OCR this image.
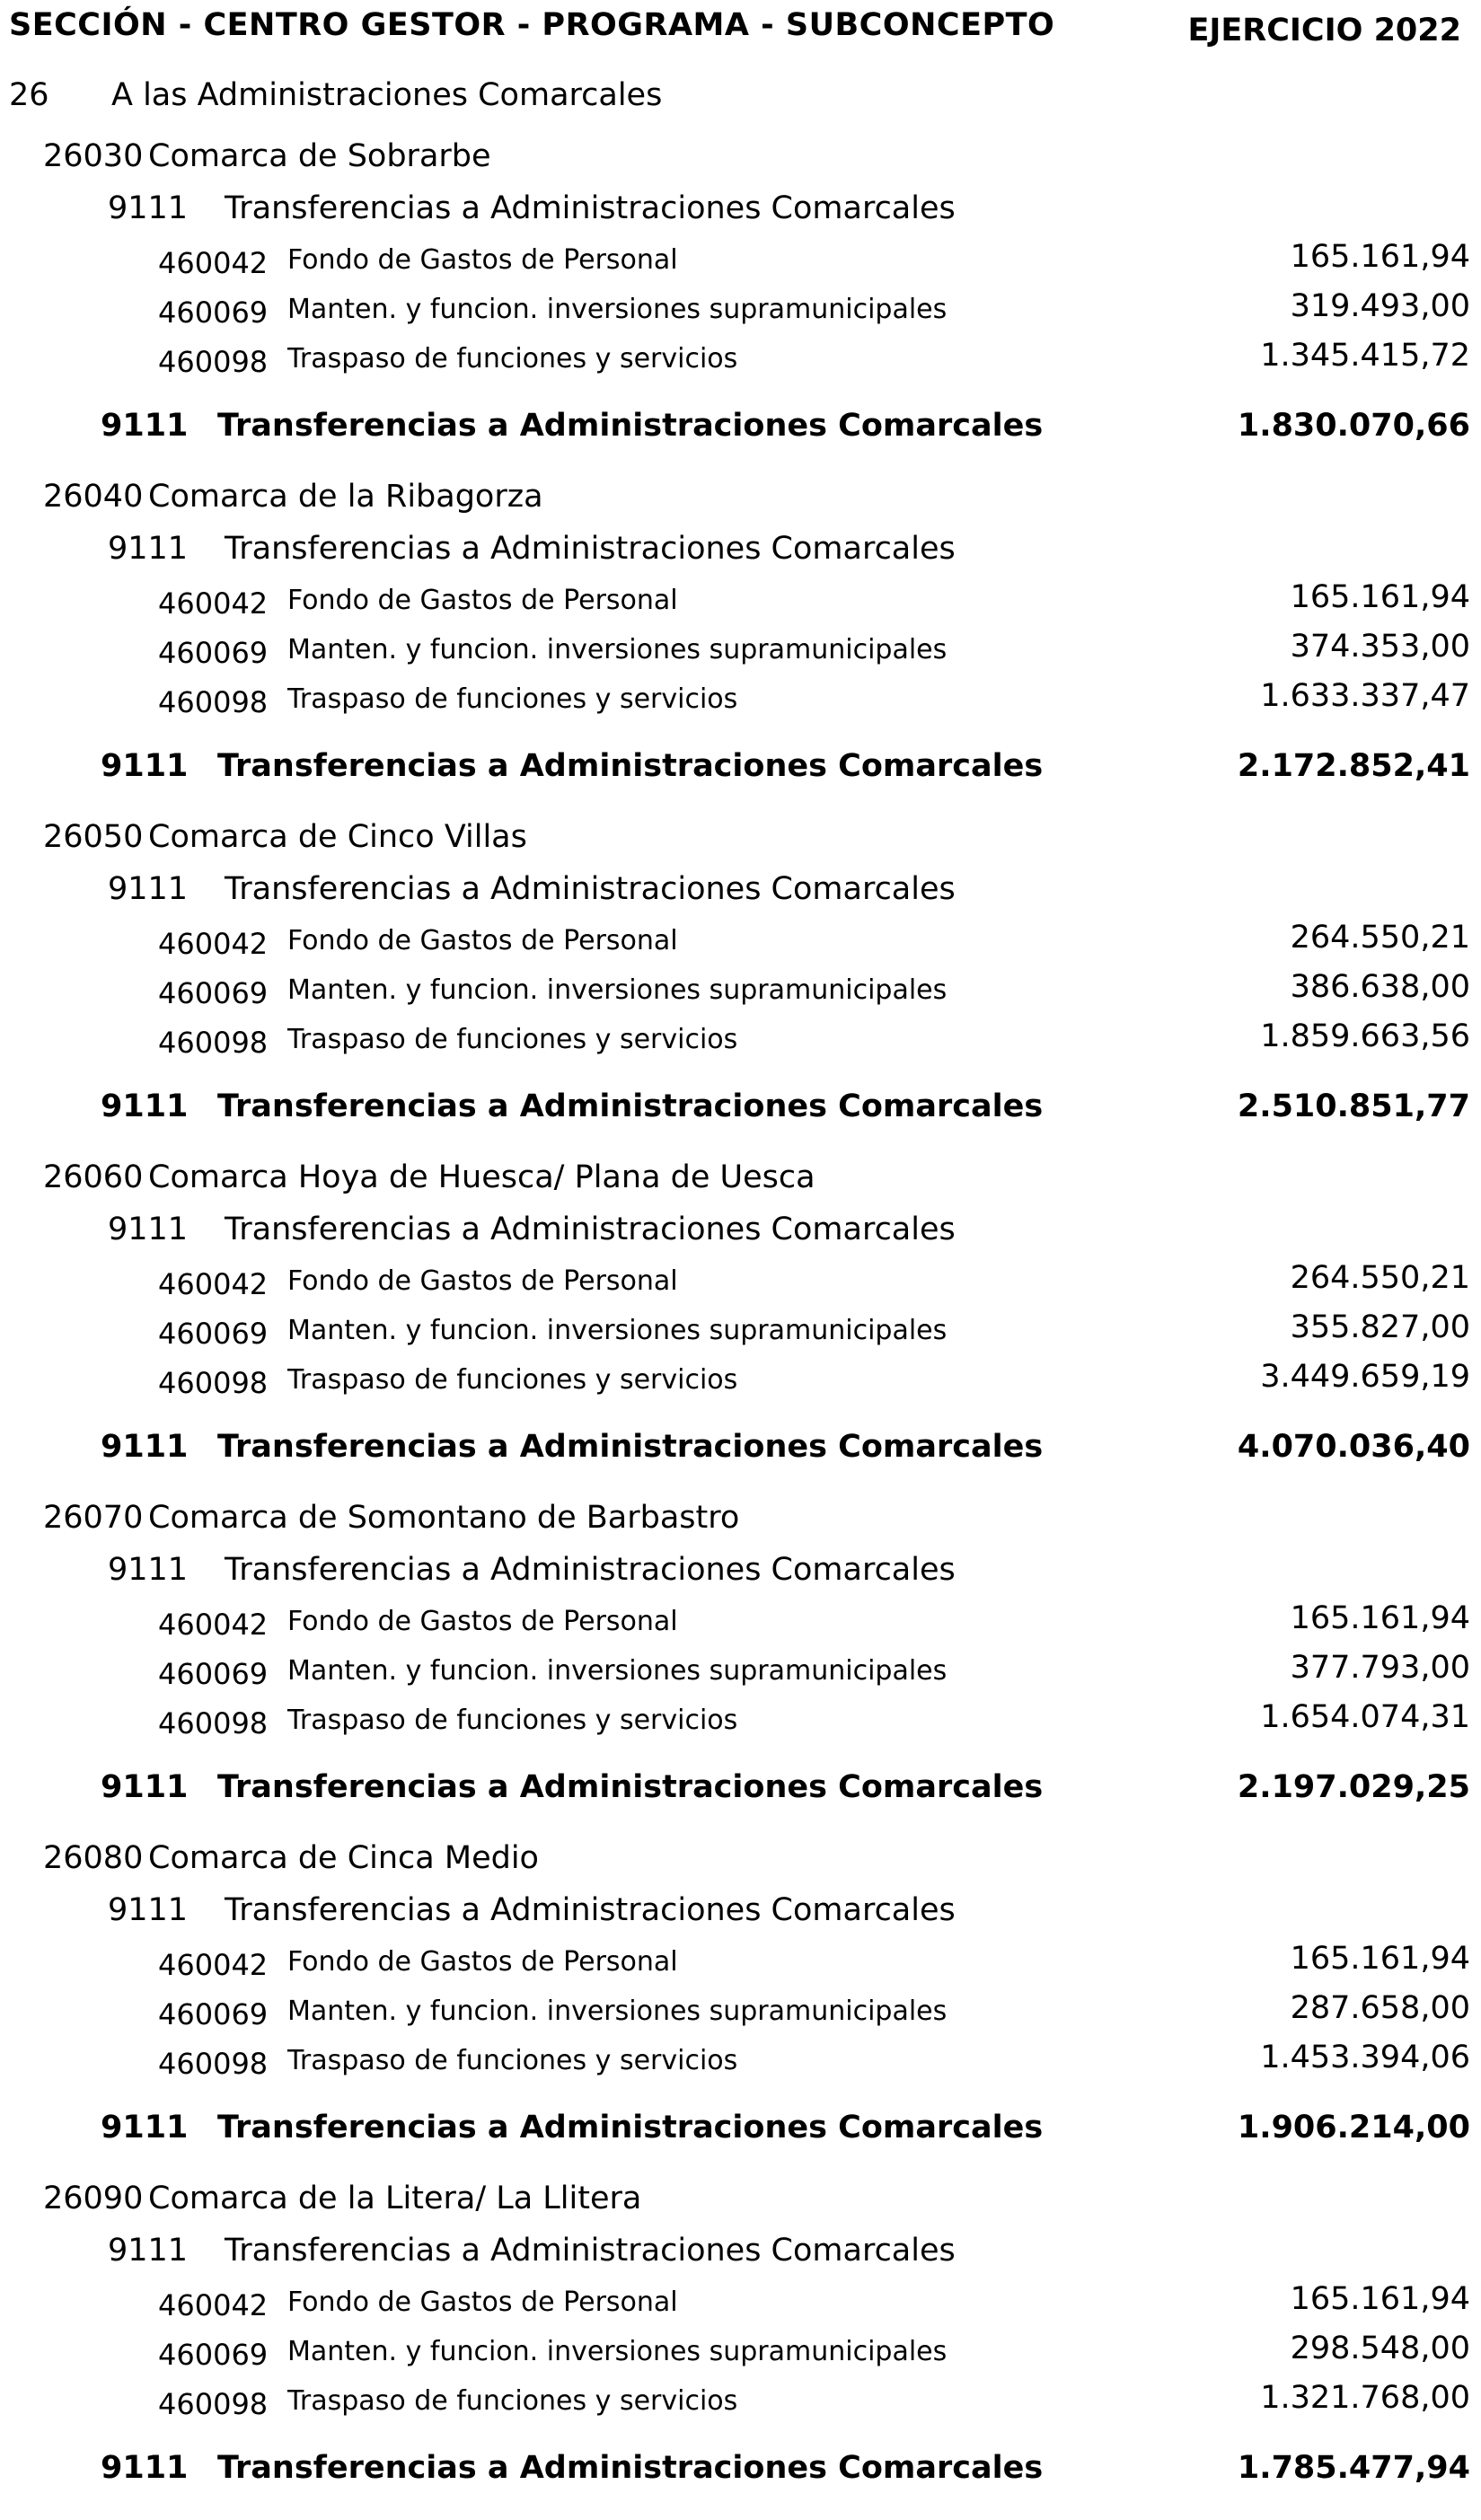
SECCIÓN - CENTRO GESTOR - PROGRAMA - SUBCONCEPTO	EJERCICIO 2022
26 A las Administraciones Comarcales
26030 Comarca de Sobrarbe
9111 Transferencias a Administraciones Comarcales
460042 Fondo de Gastos de Personal	165.161,94
460069 Manten. y funcion. inversiones supramunicipales	319.493,00
460098 Traspaso de funciones y servicios	1.345.415,72
9111 Transferencias a Administraciones Comarcales	1.830.070,66
26040 Comarca de la Ribagorza
9111 Transferencias a Administraciones Comarcales
460042 Fondo de Gastos de Personal	165.161,94
460069 Manten. y funcion. inversiones supramunicipales	374.353,00
460098 Traspaso de funciones y servicios	1.633.337,47
9111 Transferencias a Administraciones Comarcales	2.172.852,41
26050 Comarca de Cinco Villas
9111 Transferencias a Administraciones Comarcales
460042 Fondo de Gastos de Personal	264.550,21
460069 Manten. y funcion. inversiones supramunicipales	386.638,00
460098 Traspaso de funciones y servicios	1.859.663,56
9111 Transferencias a Administraciones Comarcales	2.510.851,77
26060 Comarca Hoya de Huesca/ Plana de Uesca
9111 Transferencias a Administraciones Comarcales
460042 Fondo de Gastos de Personal	264.550,21
460069 Manten. y funcion. inversiones supramunicipales	355.827,00
460098 Traspaso de funciones y servicios	3.449.659,19
9111 Transferencias a Administraciones Comarcales	4.070.036,40
26070 Comarca de Somontano de Barbastro
9111 Transferencias a Administraciones Comarcales
460042 Fondo de Gastos de Personal	165.161,94
460069 Manten. y funcion. inversiones supramunicipales	377.793,00
460098 Traspaso de funciones y servicios	1.654.074,31
9111 Transferencias a Administraciones Comarcales	2.197.029,25
26080 Comarca de Cinca Medio
9111 Transferencias a Administraciones Comarcales
460042 Fondo de Gastos de Personal	165.161,94
460069 Manten. y funcion. inversiones supramunicipales	287.658,00
460098 Traspaso de funciones y servicios	1.453.394,06
9111 Transferencias a Administraciones Comarcales	1.906.214,00
26090 Comarca de la Litera/ La Llitera
9111 Transferencias a Administraciones Comarcales
460042 Fondo de Gastos de Personal	165.161,94
460069 Manten. y funcion. inversiones supramunicipales	298.548,00
460098 Traspaso de funciones y servicios	1.321.768,00
9111 Transferencias a Administraciones Comarcales	1.785.477,94
